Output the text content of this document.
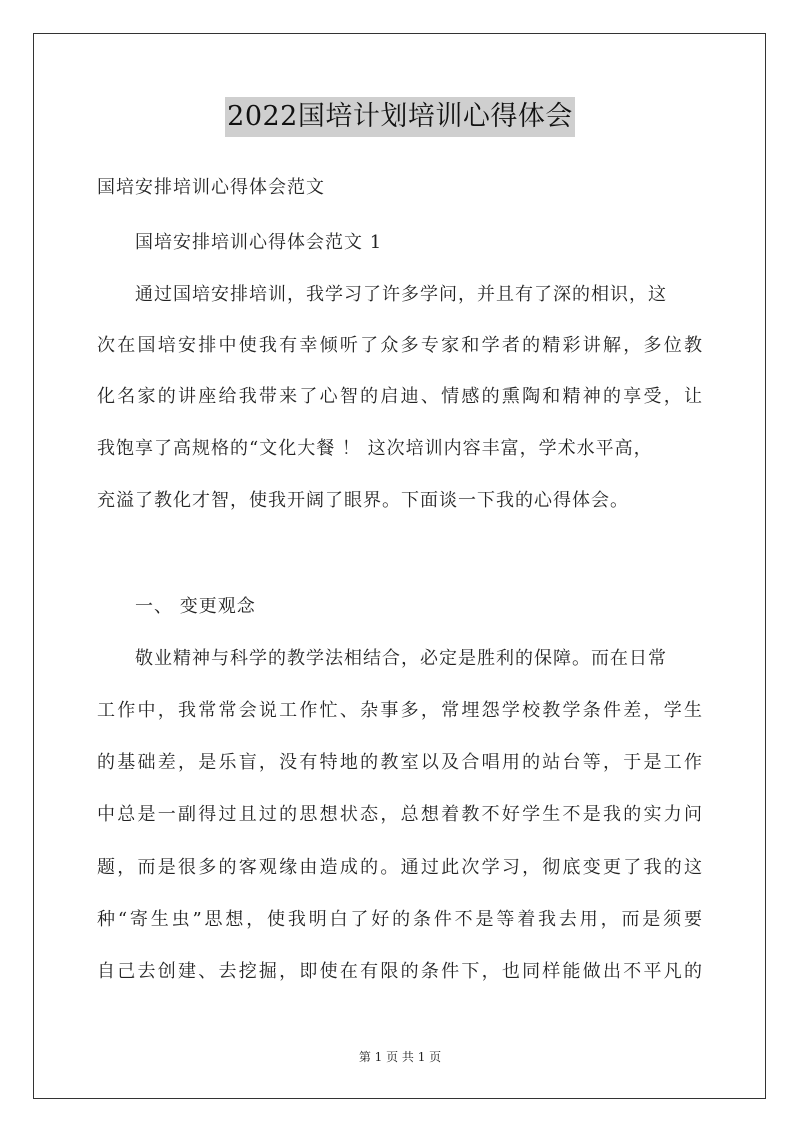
2022国培计划培训心得体会
国培安排培训心得体会范文
国培安排培训心得体会范文 1
通过国培安排培训，我学习了许多学问，并且有了深的相识，这
次在国培安排中使我有幸倾听了众多专家和学者的精彩讲解，多位教
化名家的讲座给我带来了心智的启迪、情感的熏陶和精神的享受，让
我饱享了高规格的“文化大餐 ！ 这次培训内容丰富，学术水平高，
充溢了教化才智，使我开阔了眼界。下面谈一下我的心得体会。
一、 变更观念
敬业精神与科学的教学法相结合，必定是胜利的保障。而在日常
工作中，我常常会说工作忙、杂事多，常埋怨学校教学条件差，学生
的基础差，是乐盲，没有特地的教室以及合唱用的站台等，于是工作
中总是一副得过且过的思想状态，总想着教不好学生不是我的实力问
题，而是很多的客观缘由造成的。通过此次学习，彻底变更了我的这
种“寄生虫”思想，使我明白了好的条件不是等着我去用，而是须要
自己去创建、去挖掘，即使在有限的条件下，也同样能做出不平凡的
第 1 页 共 1 页
